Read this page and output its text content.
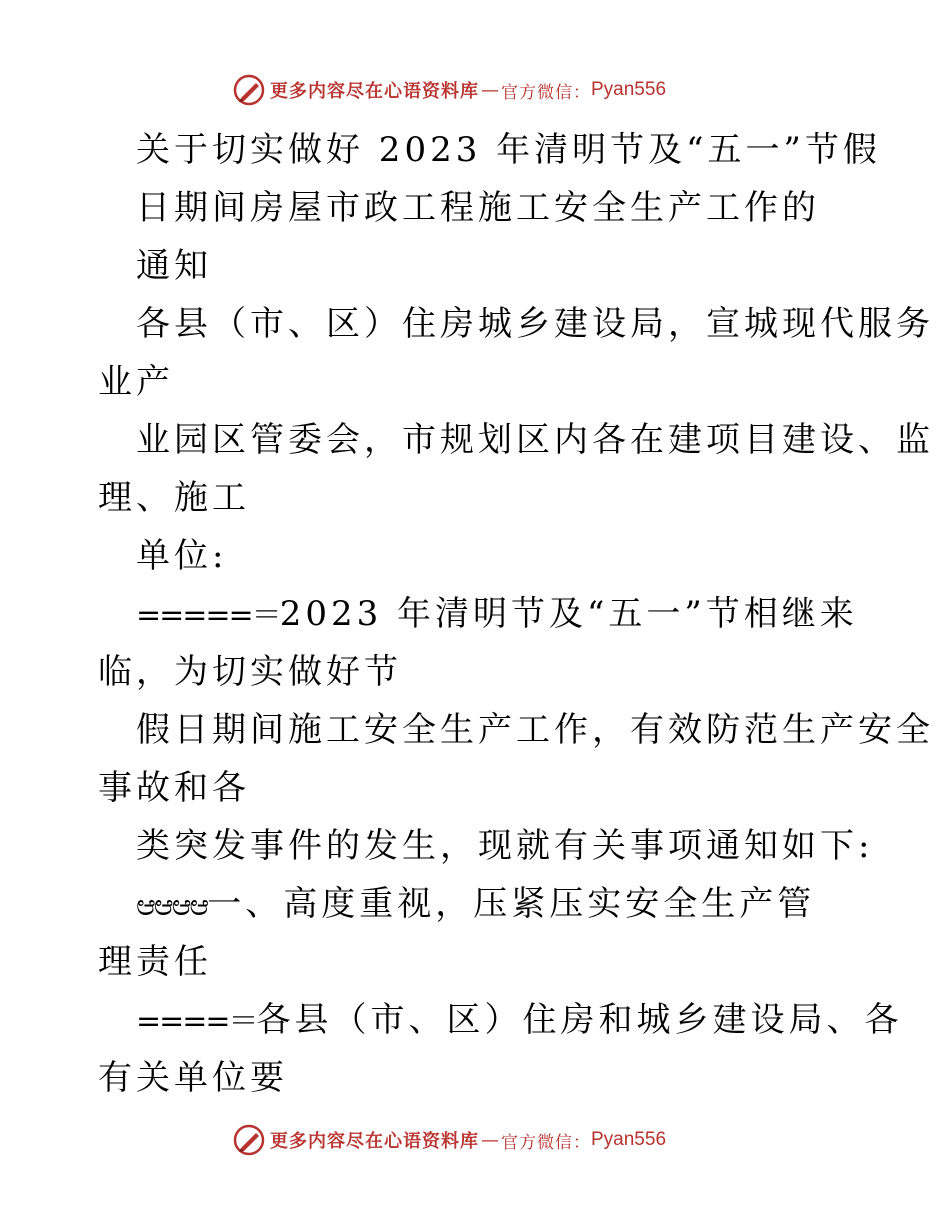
更多内容尽在心语资料库 — 官方微信： Pyan556
关于切实做好 2023 年清明节及“五一”节假
日期间房屋市政工程施工安全生产工作的
通知
各县（市、区）住房城乡建设局，宣城现代服务
业产
业园区管委会，市规划区内各在建项目建设、监
理、施工
单位:
=====＝2023 年清明节及“五一”节相继来
临，为切实做好节
假日期间施工安全生产工作，有效防范生产安全
事故和各
类突发事件的发生，现就有关事项通知如下:
ಆಆಆಆ一、高度重视，压紧压实安全生产管
理责任
====＝各县（市、区）住房和城乡建设局、各
有关单位要
更多内容尽在心语资料库 — 官方微信： Pyan556
